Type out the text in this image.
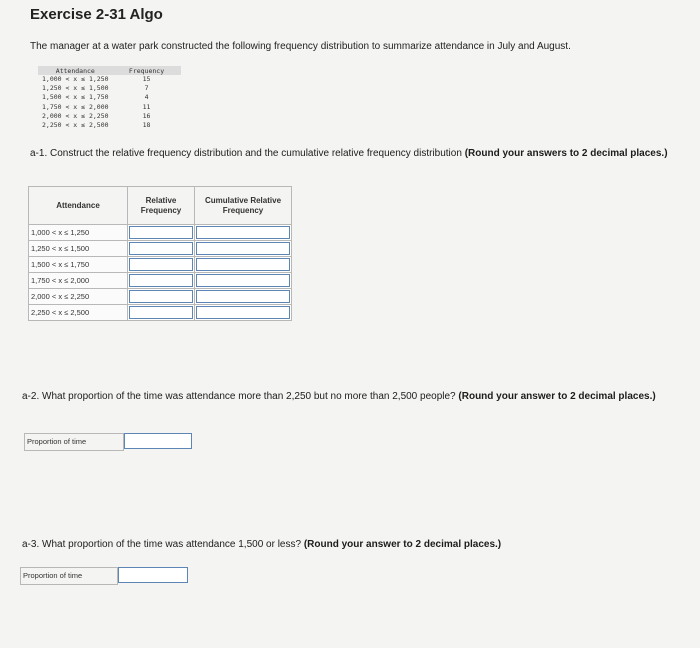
Exercise 2-31 Algo
The manager at a water park constructed the following frequency distribution to summarize attendance in July and August.
Attendance	Frequency
1,000 < x ≤ 1,250	15
1,250 < x ≤ 1,500	7
1,500 < x ≤ 1,750	4
1,750 < x ≤ 2,000	11
2,000 < x ≤ 2,250	16
2,250 < x ≤ 2,500	18
a-1. Construct the relative frequency distribution and the cumulative relative frequency distribution (Round your answers to 2 decimal places.)
Attendance	Relative Frequency	Cumulative Relative Frequency
1,000 < x ≤ 1,250	

1,250 < x ≤ 1,500	

1,500 < x ≤ 1,750	

1,750 < x ≤ 2,000	

2,000 < x ≤ 2,250	

2,250 < x ≤ 2,500	

a-2. What proportion of the time was attendance more than 2,250 but no more than 2,500 people? (Round your answer to 2 decimal places.)
Proportion of time
a-3. What proportion of the time was attendance 1,500 or less? (Round your answer to 2 decimal places.)
Proportion of time
